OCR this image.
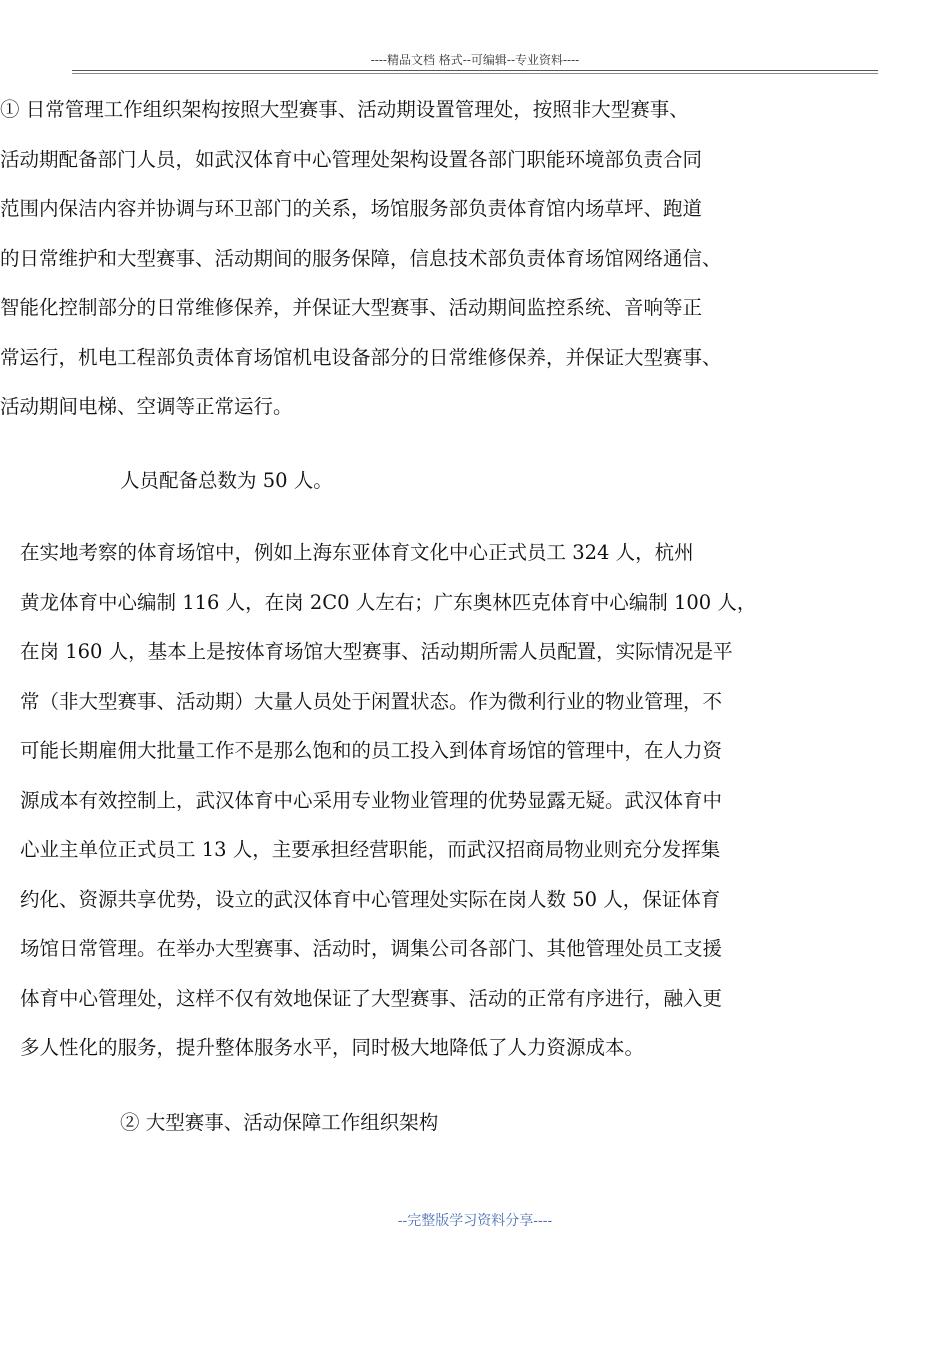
----精品文档 格式--可编辑--专业资料----
① 日常管理工作组织架构按照大型赛事、活动期设置管理处，按照非大型赛事、
活动期配备部门人员，如武汉体育中心管理处架构设置各部门职能环境部负责合同
范围内保洁内容并协调与环卫部门的关系，场馆服务部负责体育馆内场草坪、跑道
的日常维护和大型赛事、活动期间的服务保障，信息技术部负责体育场馆网络通信、
智能化控制部分的日常维修保养，并保证大型赛事、活动期间监控系统、音响等正
常运行，机电工程部负责体育场馆机电设备部分的日常维修保养，并保证大型赛事、
活动期间电梯、空调等正常运行。
人员配备总数为 50 人。
在实地考察的体育场馆中，例如上海东亚体育文化中心正式员工 324 人，杭州
黄龙体育中心编制 116 人，在岗 2C0 人左右；广东奥林匹克体育中心编制 100 人，
在岗 160 人，基本上是按体育场馆大型赛事、活动期所需人员配置，实际情况是平
常（非大型赛事、活动期）大量人员处于闲置状态。作为微利行业的物业管理，不
可能长期雇佣大批量工作不是那么饱和的员工投入到体育场馆的管理中，在人力资
源成本有效控制上，武汉体育中心采用专业物业管理的优势显露无疑。武汉体育中
心业主单位正式员工 13 人，主要承担经营职能，而武汉招商局物业则充分发挥集
约化、资源共享优势，设立的武汉体育中心管理处实际在岗人数 50 人，保证体育
场馆日常管理。在举办大型赛事、活动时，调集公司各部门、其他管理处员工支援
体育中心管理处，这样不仅有效地保证了大型赛事、活动的正常有序进行，融入更
多人性化的服务，提升整体服务水平，同时极大地降低了人力资源成本。
② 大型赛事、活动保障工作组织架构
--完整版学习资料分享----
